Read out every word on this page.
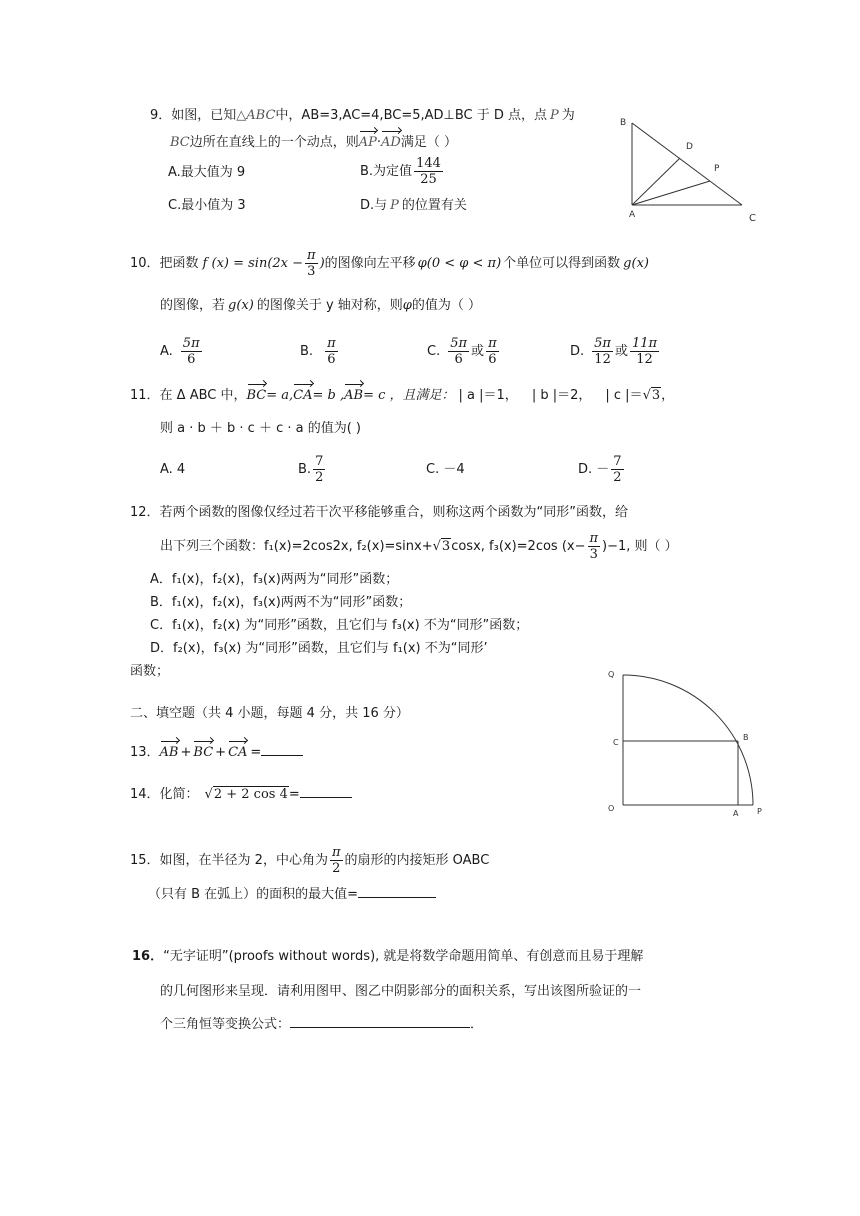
9．如图，已知△ABC中，AB=3,AC=4,BC=5,AD⊥BC 于 D 点，点 P 为
BC边所在直线上的一个动点，则AP·AD满足（ ）
A.最大值为 9	B.为定值 $\frac{144}{25}$
C.最小值为 3	D.与 P 的位置有关
B
D
P
A	C
10．把函数 f $(x) = \sin(2x - \frac{\pi}{3}$ )的图像向左平移 φ(0 < φ < π) 个单位可以得到函数 g(x)
的图像，若 g(x) 的图像关于 y 轴对称，则φ的值为（ ）
A. $\frac{5\pi}{6}$	B. $\frac{\pi}{6}$	C. $\frac{5\pi}{6}$ 或 $\frac{\pi}{6}$	D. $\frac{5\pi}{12}$ 或 $\frac{11\pi}{12}$
11．在 Δ ABC 中，BC= a,CA= b ,AB= c ，且满足： | a |＝1， | b |＝2， | c |＝√3，
则 a · b ＋ b · c ＋ c · a 的值为( )
A. 4	B. $\frac{7}{2}$	C. －4	D. － $\frac{7}{2}$
12．若两个函数的图像仅经过若干次平移能够重合，则称这两个函数为“同形”函数，给
出下列三个函数：f₁(x)=2cos2x, f₂(x)=sinx+√3cosx, f₃(x)=2cos $(x- \frac{\pi}{3} )-1$, 则（ ）
A．f₁(x)，f₂(x)，f₃(x)两两为“同形”函数；
B．f₁(x)，f₂(x)，f₃(x)两两不为“同形”函数；
C．f₁(x)，f₂(x) 为“同形”函数，且它们与 f₃(x) 不为“同形”函数；
D．f₂(x)，f₃(x) 为“同形”函数，且它们与 f₁(x) 不为“同形’
函数；
二、填空题（共 4 小题，每题 4 分，共 16 分）
13．AB + BC + CA =
14．化简： √2 + 2 cos 4=
15．如图，在半径为 2，中心角为 $\frac{\pi}{2}$ 的扇形的内接矩形 OABC
（只有 B 在弧上）的面积的最大值=
Q
C
B
O
A P
16．“无字证明”(proofs without words), 就是将数学命题用简单、有创意而且易于理解
的几何图形来呈现．请利用图甲、图乙中阴影部分的面积关系，写出该图所验证的一
个三角恒等变换公式：	．
